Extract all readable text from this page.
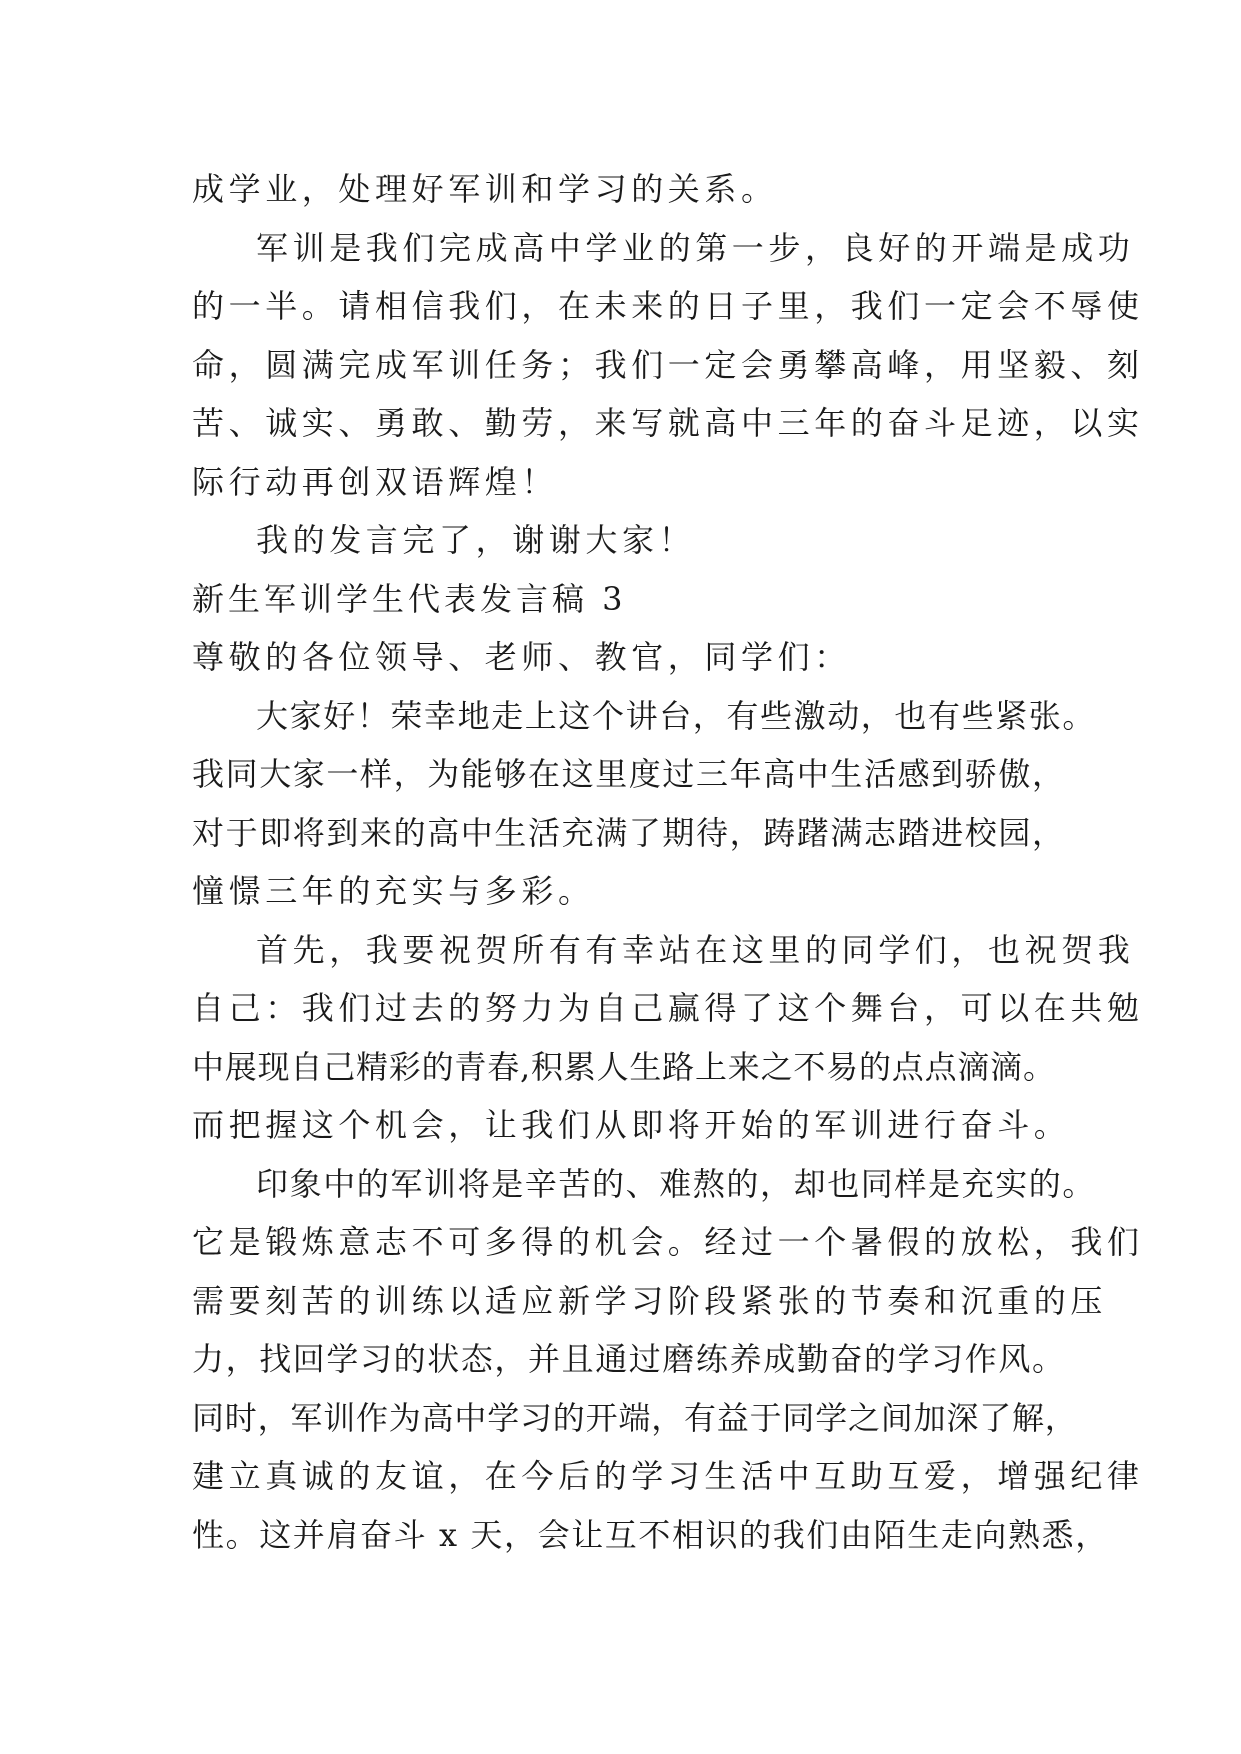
成学业，处理好军训和学习的关系。
军训是我们完成高中学业的第一步，良好的开端是成功
的一半。请相信我们，在未来的日子里，我们一定会不辱使
命，圆满完成军训任务；我们一定会勇攀高峰，用坚毅、刻
苦、诚实、勇敢、勤劳，来写就高中三年的奋斗足迹，以实
际行动再创双语辉煌！
我的发言完了，谢谢大家！
新生军训学生代表发言稿 3
尊敬的各位领导、老师、教官，同学们：
大家好！荣幸地走上这个讲台，有些激动，也有些紧张。
我同大家一样，为能够在这里度过三年高中生活感到骄傲，
对于即将到来的高中生活充满了期待，踌躇满志踏进校园，
憧憬三年的充实与多彩。
首先，我要祝贺所有有幸站在这里的同学们，也祝贺我
自己：我们过去的努力为自己赢得了这个舞台，可以在共勉
中展现自己精彩的青春,积累人生路上来之不易的点点滴滴。
而把握这个机会，让我们从即将开始的军训进行奋斗。
印象中的军训将是辛苦的、难熬的，却也同样是充实的。
它是锻炼意志不可多得的机会。经过一个暑假的放松，我们
需要刻苦的训练以适应新学习阶段紧张的节奏和沉重的压
力，找回学习的状态，并且通过磨练养成勤奋的学习作风。
同时，军训作为高中学习的开端，有益于同学之间加深了解，
建立真诚的友谊，在今后的学习生活中互助互爱，增强纪律
性。这并肩奋斗 x 天，会让互不相识的我们由陌生走向熟悉，
